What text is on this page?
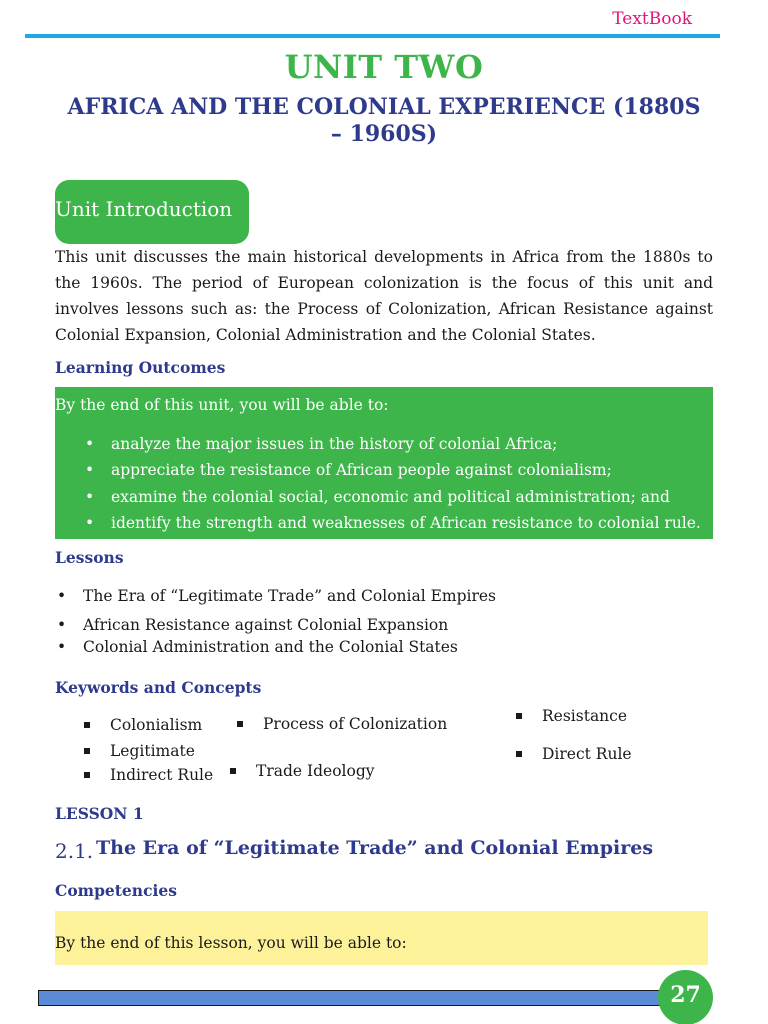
TextBook
UNIT TWO
AFRICA AND THE COLONIAL EXPERIENCE (1880S – 1960S)
Unit Introduction

This unit discusses the main historical developments in Africa from the 1880s to the 1960s. The period of European colonization is the focus of this unit and involves lessons such as: the Process of Colonization, African Resistance against Colonial Expansion, Colonial Administration and the Colonial States.

Learning Outcomes
By the end of this unit, you will be able to:
• analyze the major issues in the history of colonial Africa;
• appreciate the resistance of African people against colonialism;
• examine the colonial social, economic and political administration; and
• identify the strength and weaknesses of African resistance to colonial rule.
Lessons
• The Era of “Legitimate Trade” and Colonial Empires
• African Resistance against Colonial Expansion
• Colonial Administration and the Colonial States
Keywords and Concepts
Colonialism
Legitimate
Indirect Rule
Process of Colonization
Trade Ideology
Resistance
Direct Rule
LESSON 1
2.1. The Era of “Legitimate Trade” and Colonial Empires
Competencies
By the end of this lesson, you will be able to:
27
